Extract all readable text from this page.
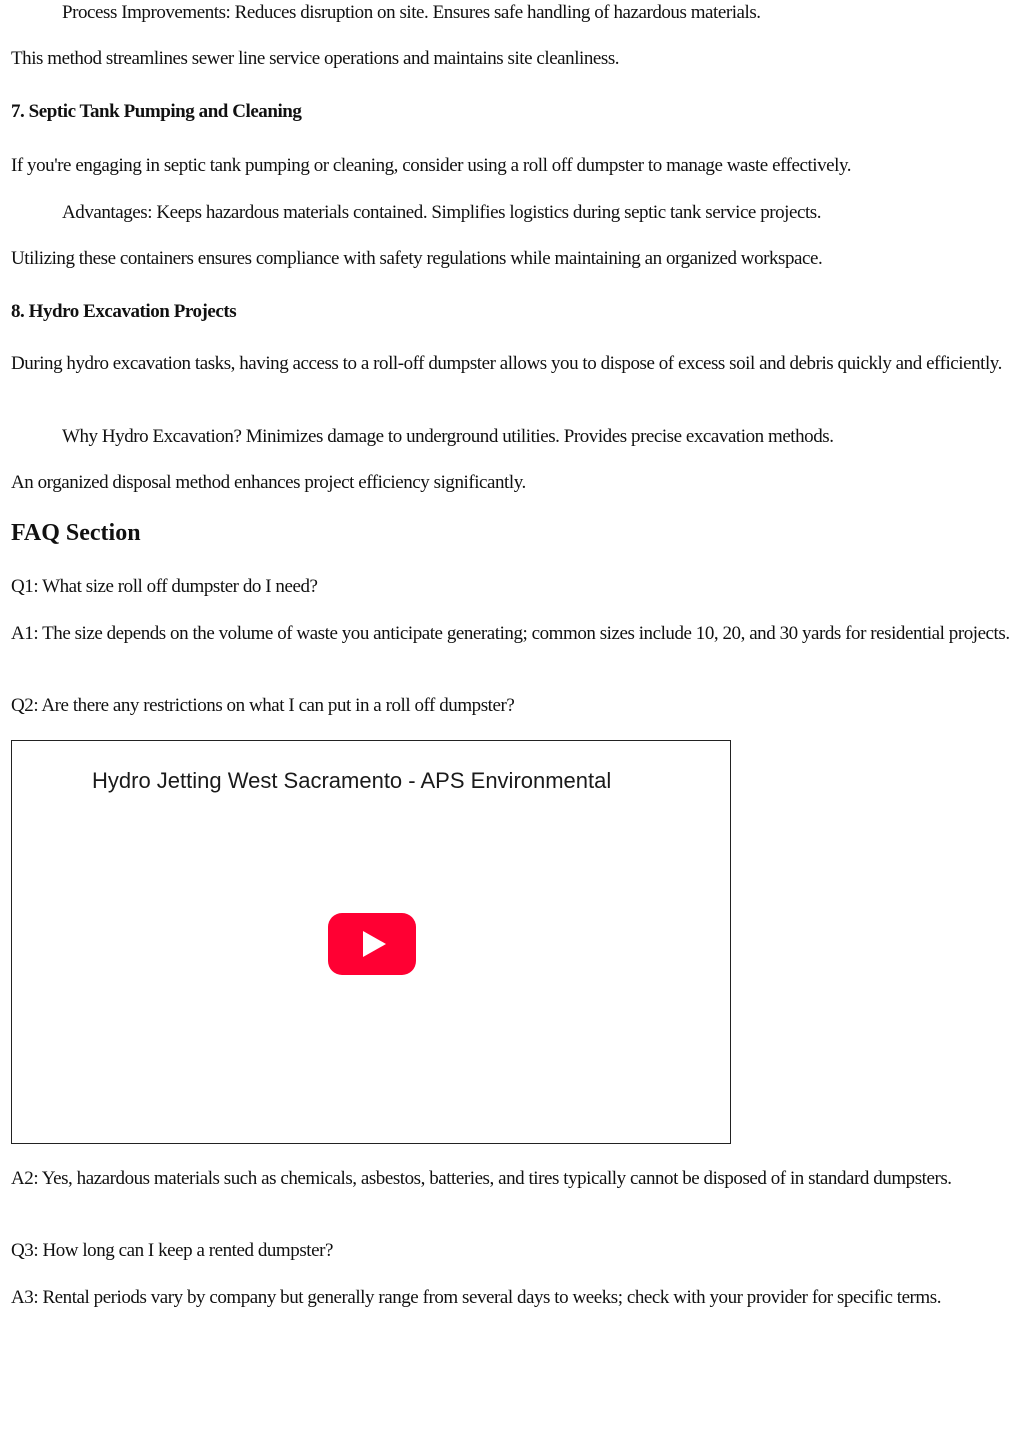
Process Improvements: Reduces disruption on site. Ensures safe handling of hazardous materials.

This method streamlines sewer line service operations and maintains site cleanliness.

7. Septic Tank Pumping and Cleaning

If you're engaging in septic tank pumping or cleaning, consider using a roll off dumpster to manage waste effectively.

Advantages: Keeps hazardous materials contained. Simplifies logistics during septic tank service projects.

Utilizing these containers ensures compliance with safety regulations while maintaining an organized workspace.

8. Hydro Excavation Projects

During hydro excavation tasks, having access to a roll-off dumpster allows you to dispose of excess soil and debris quickly and efficiently.

Why Hydro Excavation? Minimizes damage to underground utilities. Provides precise excavation methods.

An organized disposal method enhances project efficiency significantly.

FAQ Section

Q1: What size roll off dumpster do I need?

A1: The size depends on the volume of waste you anticipate generating; common sizes include 10, 20, and 30 yards for residential projects.

Q2: Are there any restrictions on what I can put in a roll off dumpster?

Hydro Jetting West Sacramento - APS Environmental

A2: Yes, hazardous materials such as chemicals, asbestos, batteries, and tires typically cannot be disposed of in standard dumpsters.

Q3: How long can I keep a rented dumpster?

A3: Rental periods vary by company but generally range from several days to weeks; check with your provider for specific terms.
